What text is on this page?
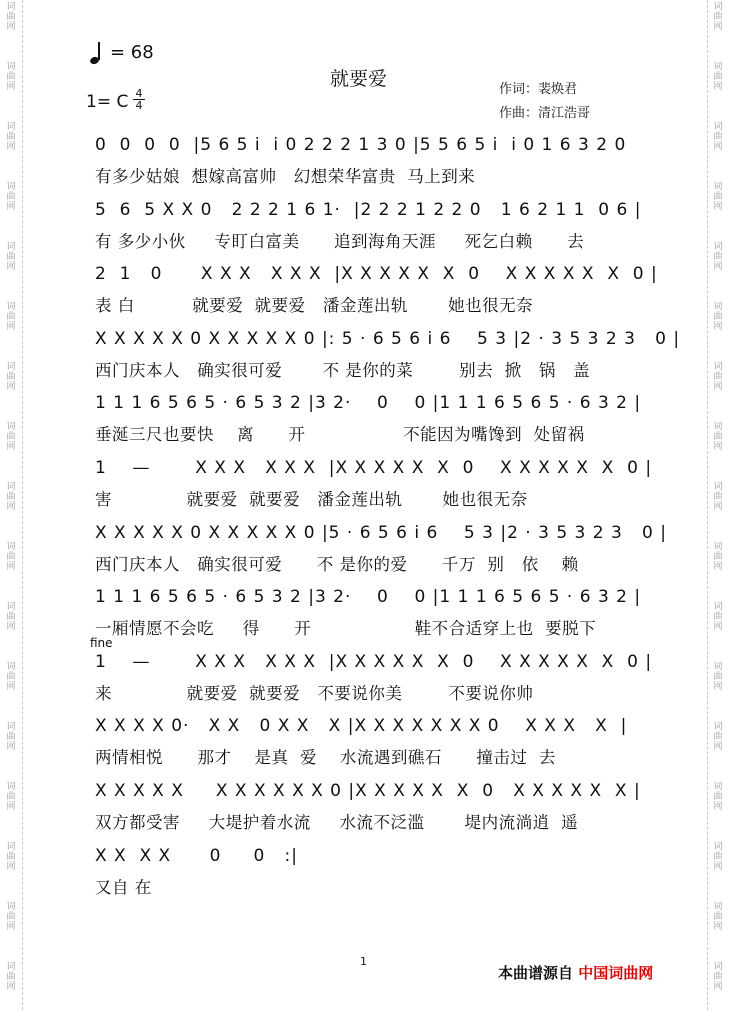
词
曲
网
词
曲
网
词
曲
网
词
曲
网
词
曲
网
词
曲
网
词
曲
网
词
曲
网
词
曲
网
词
曲
网
词
曲
网
词
曲
网
词
曲
网
词
曲
网
词
曲
网
词
曲
网
词
曲
网
词
曲
网
词
曲
网
词
曲
网
词
曲
网
词
曲
网
词
曲
网
词
曲
网
词
曲
网
词
曲
网
词
曲
网
词
曲
网
词
曲
网
词
曲
网
词
曲
网
词
曲
网
词
曲
网
词
曲
网
= 68
1= C 4
4
就要爱	作词：裴焕君
作曲：清江浩哥
0  0  0  0  |5 6 5 i  i 0 2 2 2 1 3 0 |5 5 6 5 i  i 0 1 6 3 2 0
有多少姑娘  想嫁高富帅   幻想荣华富贵  马上到来
5  6  5 X X 0   2 2 2 1 6 1·  |2 2 2 1 2 2 0   1 6 2 1 1  0 6 |
有 多少小伙     专盯白富美      追到海角天涯     死乞白赖      去
2  1   0      X X X   X X X  |X X X X X  X  0    X X X X X  X  0 |
表 白          就要爱  就要爱   潘金莲出轨       她也很无奈
X X X X X 0 X X X X X 0 |: 5 · 6 5 6 i 6    5 3 |2 · 3 5 3 2 3   0 |
西门庆本人   确实很可爱       不 是你的菜        别去  掀   锅   盖
1 1 1 6 5 6 5 · 6 5 3 2 |3 2·    0    0 |1 1 1 6 5 6 5 · 6 3 2 |
垂涎三尺也要快    离      开                 不能因为嘴馋到  处留祸
1    —       X X X   X X X  |X X X X X  X  0    X X X X X  X  0 |
害             就要爱  就要爱   潘金莲出轨       她也很无奈
X X X X X 0 X X X X X 0 |5 · 6 5 6 i 6    5 3 |2 · 3 5 3 2 3   0 |
西门庆本人   确实很可爱      不 是你的爱      千万  别   依    赖
1 1 1 6 5 6 5 · 6 5 3 2 |3 2·    0    0 |1 1 1 6 5 6 5 · 6 3 2 |
一厢情愿不会吃     得      开                  鞋不合适穿上也  要脱下
1    —       X X X   X X X  |X X X X X  X  0    X X X X X  X  0 |
来             就要爱  就要爱   不要说你美        不要说你帅
fine
X X X X 0·   X X   0 X X   X |X X X X X X X 0    X X X   X  |
两情相悦      那才    是真  爱    水流遇到礁石      撞击过  去
X X X X X     X X X X X X 0 |X X X X X  X  0   X X X X X  X |
双方都受害     大堤护着水流     水流不泛滥       堤内流淌逍  遥
X X  X X      0     0   :|
又自 在
1
本曲谱源自 中国词曲网
